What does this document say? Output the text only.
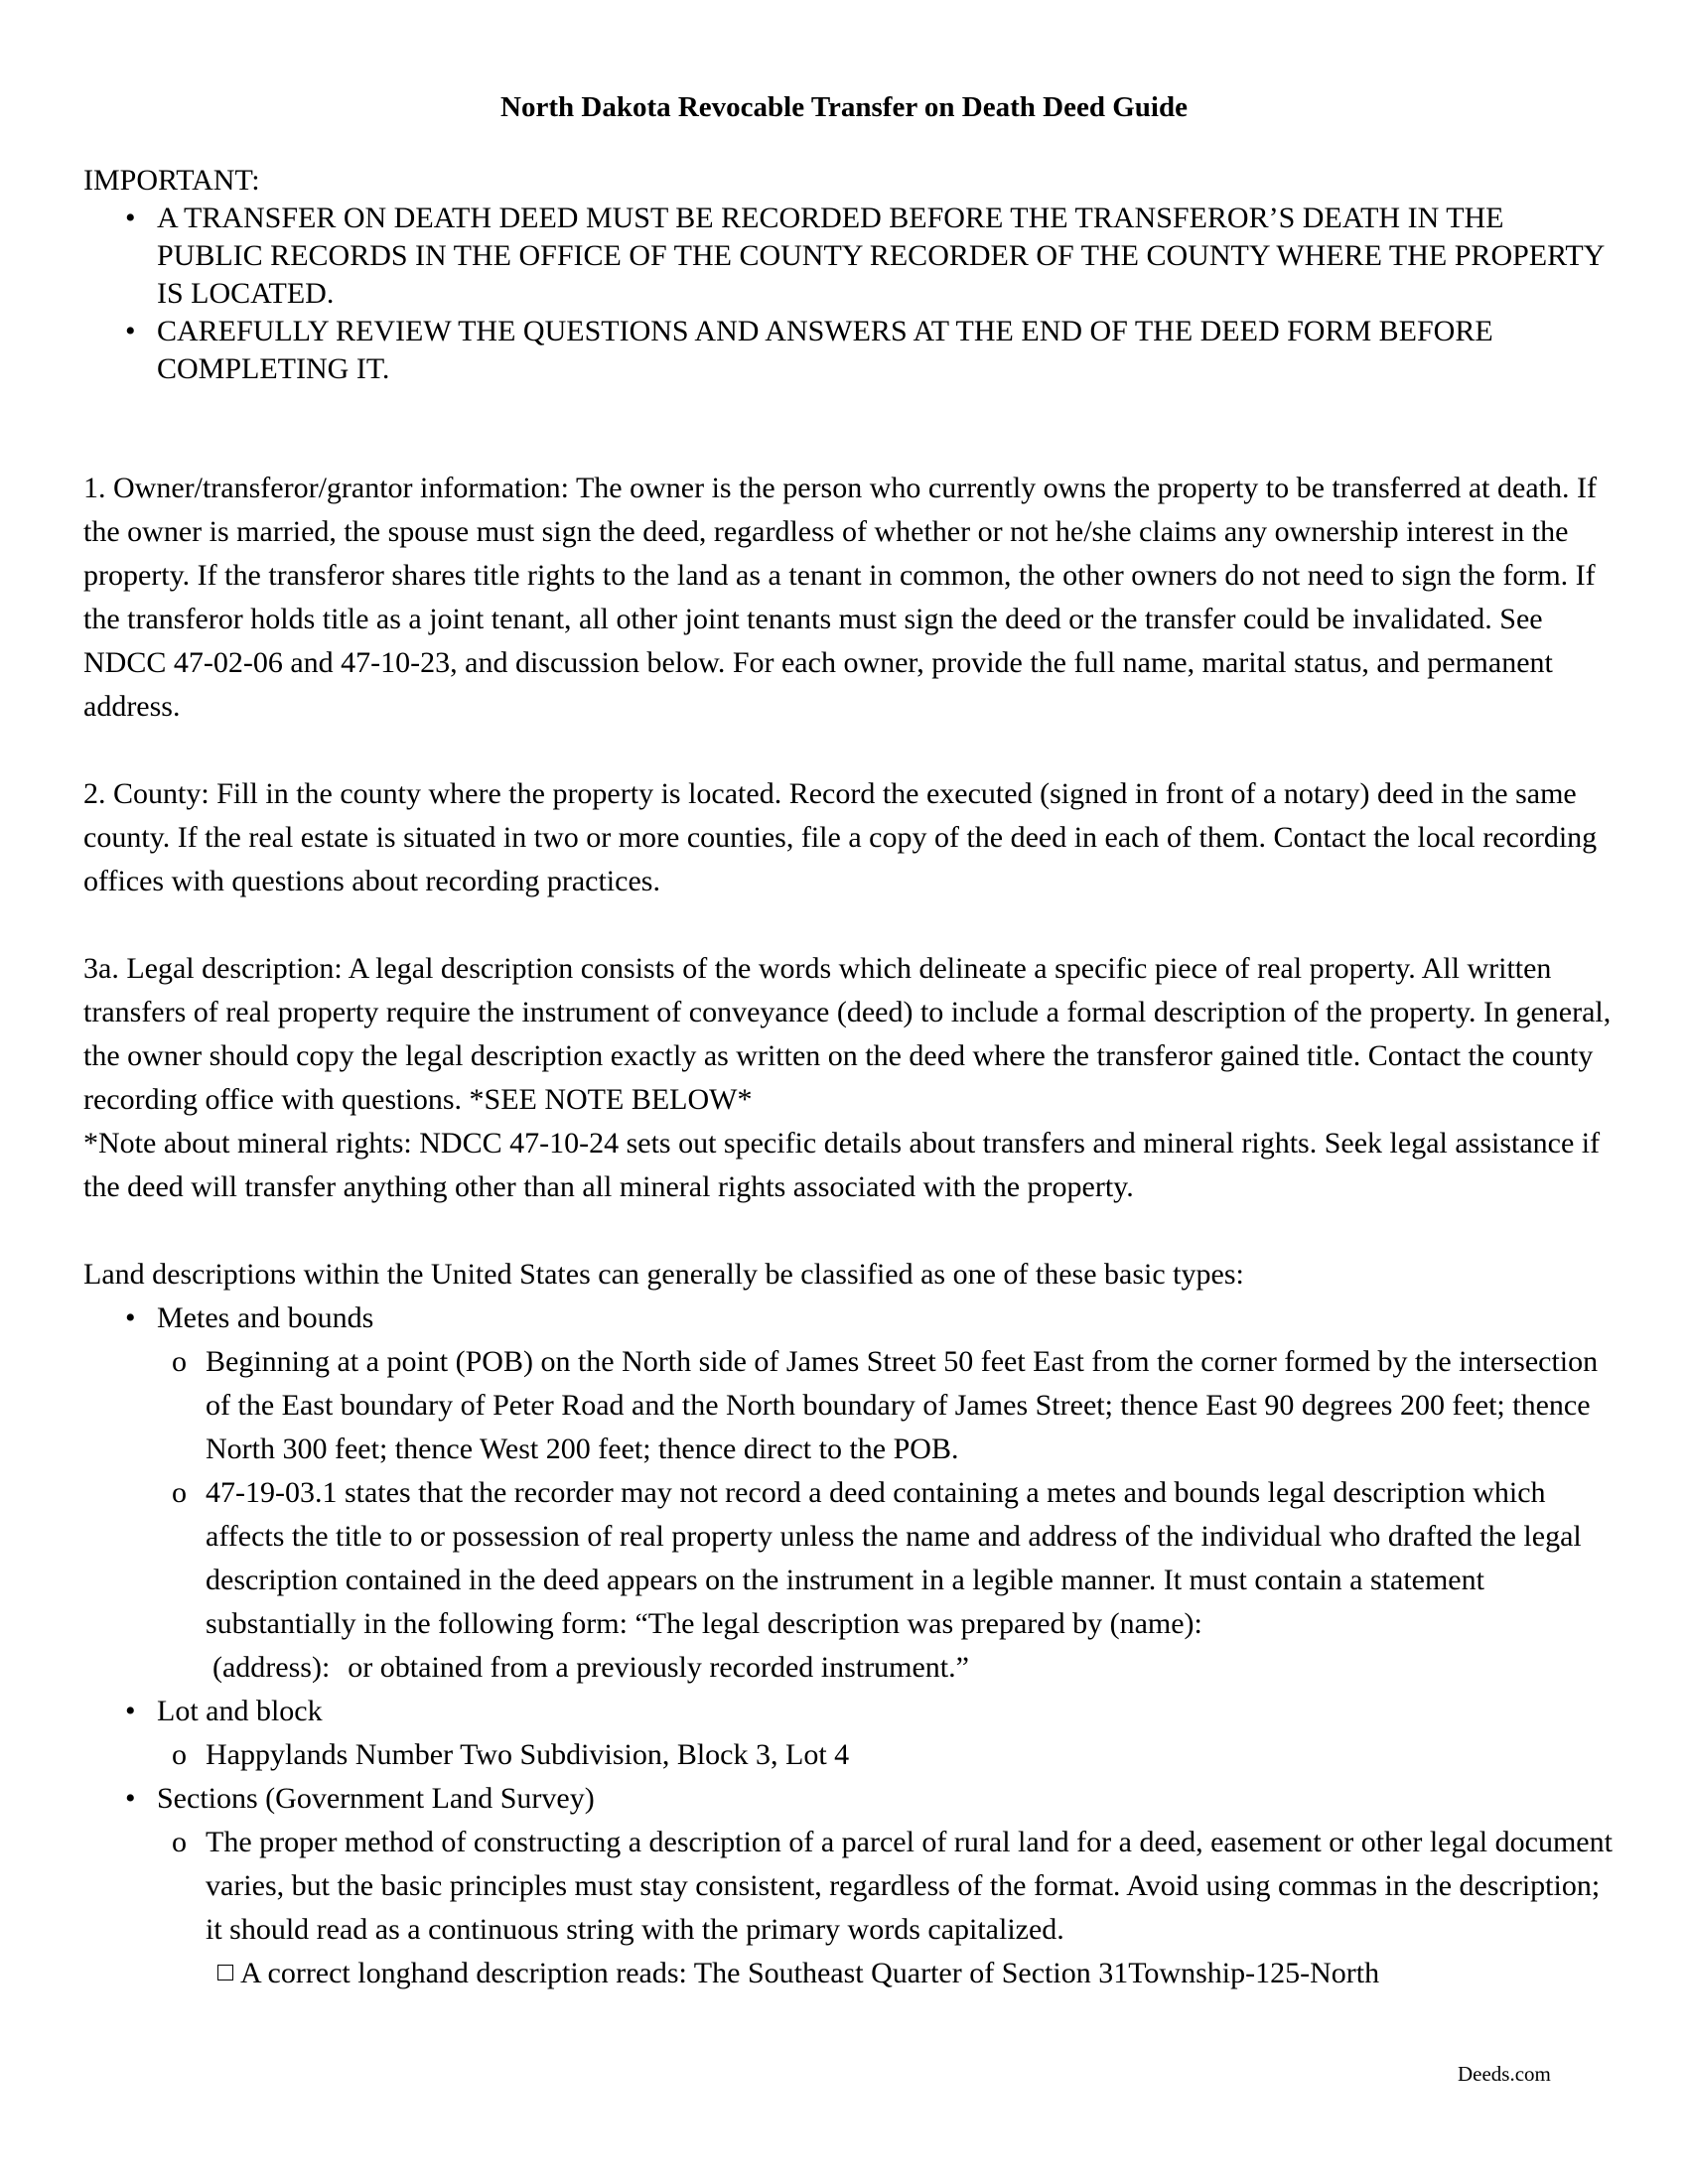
North Dakota Revocable Transfer on Death Deed Guide
IMPORTANT:
• A TRANSFER ON DEATH DEED MUST BE RECORDED BEFORE THE TRANSFEROR’S DEATH IN THE PUBLIC RECORDS IN THE OFFICE OF THE COUNTY RECORDER OF THE COUNTY WHERE THE PROPERTY IS LOCATED.
• CAREFULLY REVIEW THE QUESTIONS AND ANSWERS AT THE END OF THE DEED FORM BEFORE COMPLETING IT.

1. Owner/transferor/grantor information: The owner is the person who currently owns the property to be transferred at death. If the owner is married, the spouse must sign the deed, regardless of whether or not he/she claims any ownership interest in the property. If the transferor shares title rights to the land as a tenant in common, the other owners do not need to sign the form. If the transferor holds title as a joint tenant, all other joint tenants must sign the deed or the transfer could be invalidated. See NDCC 47-02-06 and 47-10-23, and discussion below. For each owner, provide the full name, marital status, and permanent address.

2. County: Fill in the county where the property is located. Record the executed (signed in front of a notary) deed in the same county. If the real estate is situated in two or more counties, file a copy of the deed in each of them. Contact the local recording offices with questions about recording practices.

3a. Legal description: A legal description consists of the words which delineate a specific piece of real property. All written transfers of real property require the instrument of conveyance (deed) to include a formal description of the property. In general, the owner should copy the legal description exactly as written on the deed where the transferor gained title. Contact the county recording office with questions. *SEE NOTE BELOW*
*Note about mineral rights: NDCC 47-10-24 sets out specific details about transfers and mineral rights. Seek legal assistance if the deed will transfer anything other than all mineral rights associated with the property.
Land descriptions within the United States can generally be classified as one of these basic types:
• Metes and bounds
o Beginning at a point (POB) on the North side of James Street 50 feet East from the corner formed by the intersection of the East boundary of Peter Road and the North boundary of James Street; thence East 90 degrees 200 feet; thence North 300 feet; thence West 200 feet; thence direct to the POB.
o 47-19-03.1 states that the recorder may not record a deed containing a metes and bounds legal description which affects the title to or possession of real property unless the name and address of the individual who drafted the legal description contained in the deed appears on the instrument in a legible manner. It must contain a statement substantially in the following form: “The legal description was prepared by (name):
(address): or obtained from a previously recorded instrument.”
• Lot and block
o Happylands Number Two Subdivision, Block 3, Lot 4
• Sections (Government Land Survey)
o The proper method of constructing a description of a parcel of rural land for a deed, easement or other legal document varies, but the basic principles must stay consistent, regardless of the format. Avoid using commas in the description; it should read as a continuous string with the primary words capitalized.
A correct longhand description reads: The Southeast Quarter of Section 31Township-125-North
Deeds.com
